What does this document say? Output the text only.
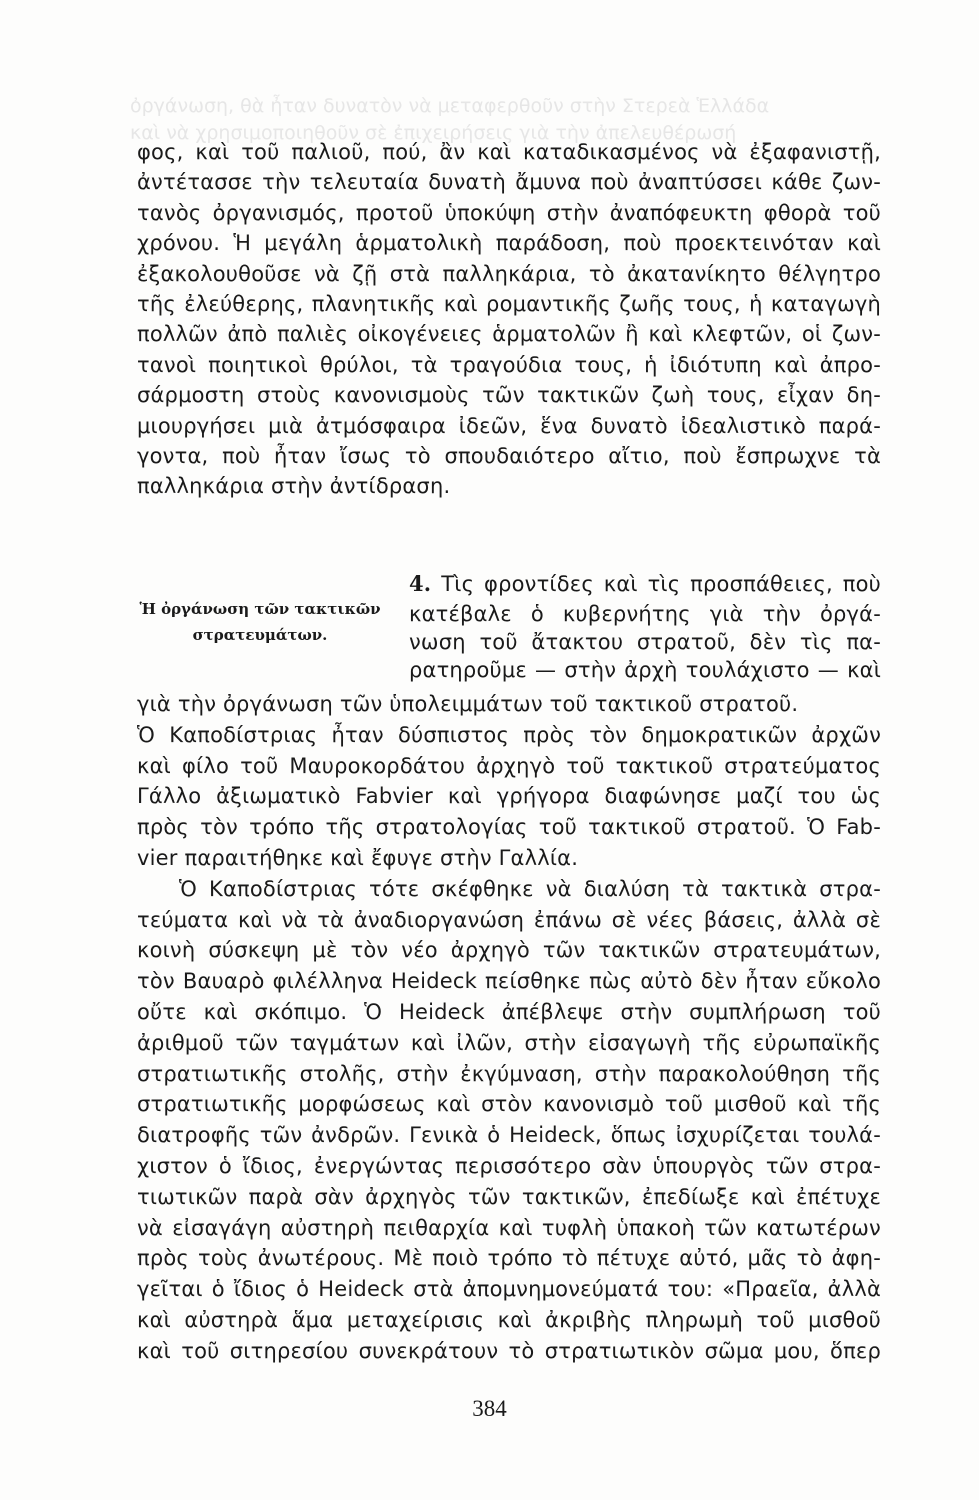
ὀργάνωση, θὰ ἦταν δυνατὸν νὰ μεταφερθοῦν στὴν Στερεὰ Ἑλλάδα
καὶ νὰ χρησιμοποιηθοῦν σὲ ἐπιχειρήσεις γιὰ τὴν ἀπελευθέρωσή

φος, καὶ τοῦ παλιοῦ, πού, ἂν καὶ καταδικασμένος νὰ ἐξαφανιστῇ,
ἀντέτασσε τὴν τελευταία δυνατὴ ἄμυνα ποὺ ἀναπτύσσει κάθε ζων-
τανὸς ὀργανισμός, προτοῦ ὑποκύψη στὴν ἀναπόφευκτη φθορὰ τοῦ
χρόνου. Ἡ μεγάλη ἁρματολικὴ παράδοση, ποὺ προεκτεινόταν καὶ
ἐξακολουθοῦσε νὰ ζῇ στὰ παλληκάρια, τὸ ἀκατανίκητο θέλγητρο
τῆς ἐλεύθερης, πλανητικῆς καὶ ρομαντικῆς ζωῆς τους, ἡ καταγωγὴ
πολλῶν ἀπὸ παλιὲς οἰκογένειες ἁρματολῶν ἢ καὶ κλεφτῶν, οἱ ζων-
τανοὶ ποιητικοὶ θρύλοι, τὰ τραγούδια τους, ἡ ἰδιότυπη καὶ ἀπρο-
σάρμοστη στοὺς κανονισμοὺς τῶν τακτικῶν ζωὴ τους, εἶχαν δη-
μιουργήσει μιὰ ἀτμόσφαιρα ἰδεῶν, ἕνα δυνατὸ ἰδεαλιστικὸ παρά-
γοντα, ποὺ ἦταν ἴσως τὸ σπουδαιότερο αἴτιο, ποὺ ἔσπρωχνε τὰ
παλληκάρια στὴν ἀντίδραση.
4. Τὶς φροντίδες καὶ τὶς προσπάθειες, ποὺ
Ἡ ὀργάνωση τῶν τακτικῶν
στρατευμάτων.
κατέβαλε ὁ κυβερνήτης γιὰ τὴν ὀργά-
νωση τοῦ ἄτακτου στρατοῦ, δὲν τὶς πα-
ρατηροῦμε — στὴν ἀρχὴ τουλάχιστο — καὶ
γιὰ τὴν ὀργάνωση τῶν ὑπολειμμάτων τοῦ τακτικοῦ στρατοῦ.
Ὁ Καποδίστριας ἦταν δύσπιστος πρὸς τὸν δημοκρατικῶν ἀρχῶν
καὶ φίλο τοῦ Μαυροκορδάτου ἀρχηγὸ τοῦ τακτικοῦ στρατεύματος
Γάλλο ἀξιωματικὸ Fabvier καὶ γρήγορα διαφώνησε μαζί του ὡς
πρὸς τὸν τρόπο τῆς στρατολογίας τοῦ τακτικοῦ στρατοῦ. Ὁ Fab-
vier παραιτήθηκε καὶ ἔφυγε στὴν Γαλλία.
Ὁ Καποδίστριας τότε σκέφθηκε νὰ διαλύση τὰ τακτικὰ στρα-
τεύματα καὶ νὰ τὰ ἀναδιοργανώση ἐπάνω σὲ νέες βάσεις, ἀλλὰ σὲ
κοινὴ σύσκεψη μὲ τὸν νέο ἀρχηγὸ τῶν τακτικῶν στρατευμάτων,
τὸν Βαυαρὸ φιλέλληνα Heideck πείσθηκε πὼς αὐτὸ δὲν ἦταν εὔκολο
οὔτε καὶ σκόπιμο. Ὁ Heideck ἀπέβλεψε στὴν συμπλήρωση τοῦ
ἀριθμοῦ τῶν ταγμάτων καὶ ἰλῶν, στὴν εἰσαγωγὴ τῆς εὐρωπαϊκῆς
στρατιωτικῆς στολῆς, στὴν ἐκγύμναση, στὴν παρακολούθηση τῆς
στρατιωτικῆς μορφώσεως καὶ στὸν κανονισμὸ τοῦ μισθοῦ καὶ τῆς
διατροφῆς τῶν ἀνδρῶν. Γενικὰ ὁ Heideck, ὅπως ἰσχυρίζεται τουλά-
χιστον ὁ ἴδιος, ἐνεργώντας περισσότερο σὰν ὑπουργὸς τῶν στρα-
τιωτικῶν παρὰ σὰν ἀρχηγὸς τῶν τακτικῶν, ἐπεδίωξε καὶ ἐπέτυχε
νὰ εἰσαγάγη αὐστηρὴ πειθαρχία καὶ τυφλὴ ὑπακοὴ τῶν κατωτέρων
πρὸς τοὺς ἀνωτέρους. Μὲ ποιὸ τρόπο τὸ πέτυχε αὐτό, μᾶς τὸ ἀφη-
γεῖται ὁ ἴδιος ὁ Heideck στὰ ἀπομνημονεύματά του: «Πραεῖα, ἀλλὰ
καὶ αὐστηρὰ ἅμα μεταχείρισις καὶ ἀκριβὴς πληρωμὴ τοῦ μισθοῦ
καὶ τοῦ σιτηρεσίου συνεκράτουν τὸ στρατιωτικὸν σῶμα μου, ὅπερ
384
